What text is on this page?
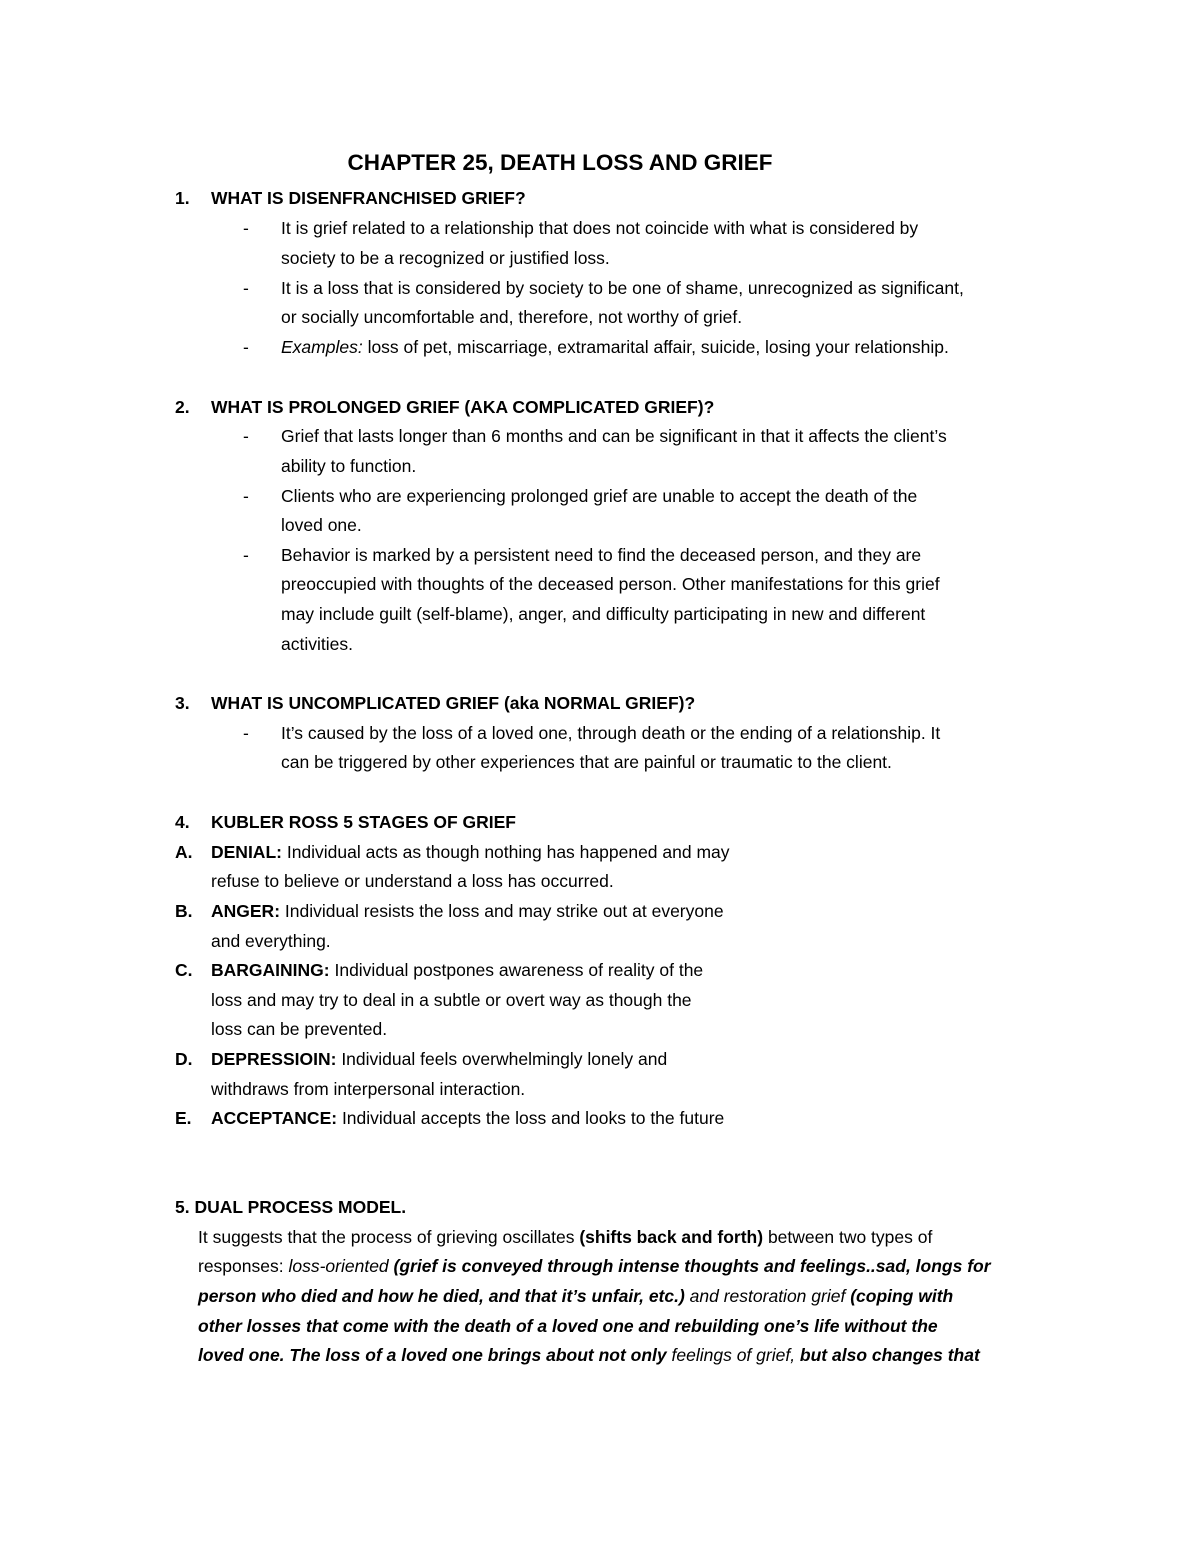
CHAPTER 25, DEATH LOSS AND GRIEF
1. WHAT IS DISENFRANCHISED GRIEF?
- It is grief related to a relationship that does not coincide with what is considered by
society to be a recognized or justified loss.
- It is a loss that is considered by society to be one of shame, unrecognized as significant,
or socially uncomfortable and, therefore, not worthy of grief.
- Examples: loss of pet, miscarriage, extramarital affair, suicide, losing your relationship.
2. WHAT IS PROLONGED GRIEF (AKA COMPLICATED GRIEF)?
- Grief that lasts longer than 6 months and can be significant in that it affects the client’s
ability to function.
- Clients who are experiencing prolonged grief are unable to accept the death of the
loved one.
- Behavior is marked by a persistent need to find the deceased person, and they are
preoccupied with thoughts of the deceased person. Other manifestations for this grief
may include guilt (self-blame), anger, and difficulty participating in new and different
activities.
3. WHAT IS UNCOMPLICATED GRIEF (aka NORMAL GRIEF)?
- It’s caused by the loss of a loved one, through death or the ending of a relationship. It
can be triggered by other experiences that are painful or traumatic to the client.
4. KUBLER ROSS 5 STAGES OF GRIEF
A. DENIAL: Individual acts as though nothing has happened and may
refuse to believe or understand a loss has occurred.
B. ANGER: Individual resists the loss and may strike out at everyone
and everything.
C. BARGAINING: Individual postpones awareness of reality of the
loss and may try to deal in a subtle or overt way as though the
loss can be prevented.
D. DEPRESSIOIN: Individual feels overwhelmingly lonely and
withdraws from interpersonal interaction.
E. ACCEPTANCE: Individual accepts the loss and looks to the future
5. DUAL PROCESS MODEL.
It suggests that the process of grieving oscillates (shifts back and forth) between two types of
responses: loss-oriented (grief is conveyed through intense thoughts and feelings..sad, longs for
person who died and how he died, and that it’s unfair, etc.) and restoration grief (coping with
other losses that come with the death of a loved one and rebuilding one’s life without the
loved one. The loss of a loved one brings about not only feelings of grief, but also changes that
